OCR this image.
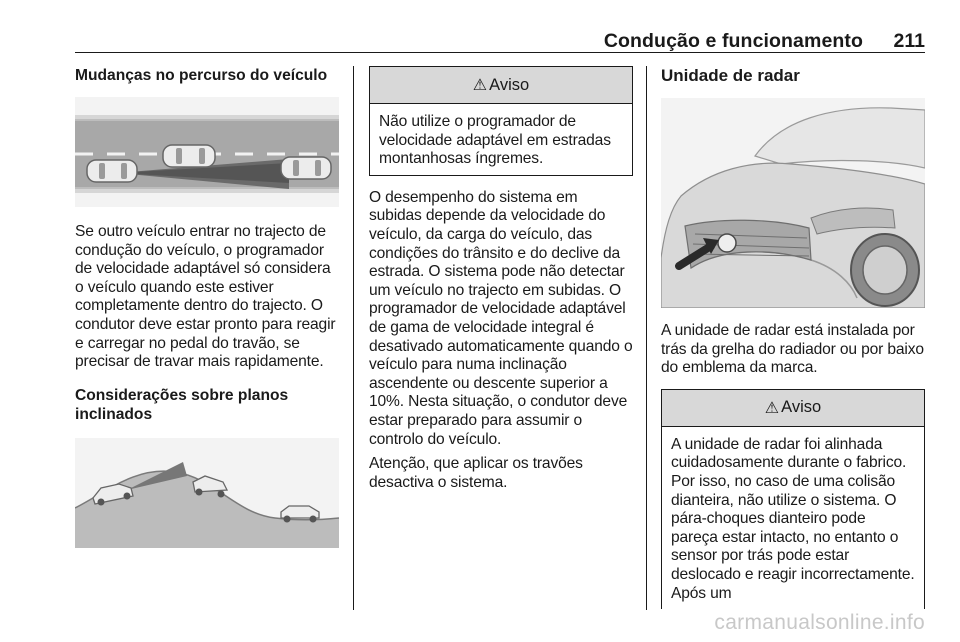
Condução e funcionamento 211
Mudanças no percurso do veículo

Se outro veículo entrar no trajecto de condução do veículo, o programador de velocidade adaptável só considera o veículo quando este estiver completamente dentro do trajecto. O condutor deve estar pronto para reagir e carregar no pedal do travão, se precisar de travar mais rapidamente.

Considerações sobre planos inclinados
⚠ Aviso

Não utilize o programador de velocidade adaptável em estradas montanhosas íngremes.

O desempenho do sistema em subidas depende da velocidade do veículo, da carga do veículo, das condições do trânsito e do declive da estrada. O sistema pode não detectar um veículo no trajecto em subidas. O programador de velocidade adaptável de gama de velocidade integral é desativado automaticamente quando o veículo para numa inclinação ascendente ou descente superior a 10%. Nesta situação, o condutor deve estar preparado para assumir o controlo do veículo.

Atenção, que aplicar os travões desactiva o sistema.

Unidade de radar

A unidade de radar está instalada por trás da grelha do radiador ou por baixo do emblema da marca.

⚠ Aviso

A unidade de radar foi alinhada cuidadosamente durante o fabrico. Por isso, no caso de uma colisão dianteira, não utilize o sistema. O pára-choques dianteiro pode pareça estar intacto, no entanto o sensor por trás pode estar deslocado e reagir incorrectamente. Após um

carmanualsonline.info
